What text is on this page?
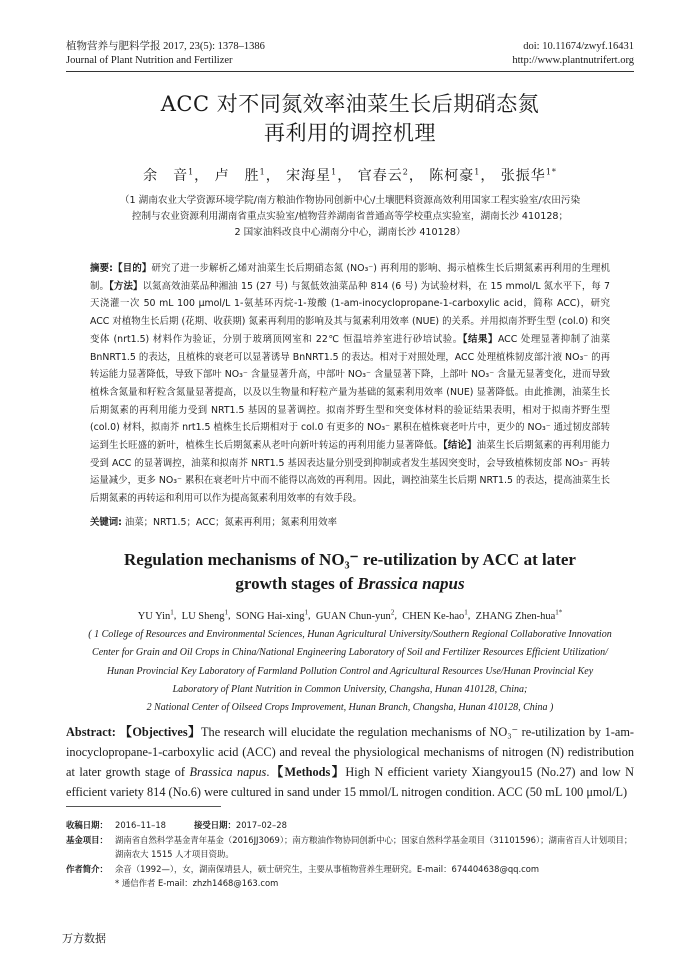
植物营养与肥料学报 2017, 23(5): 1378–1386	doi: 10.11674/zwyf.16431
Journal of Plant Nutrition and Fertilizer	http://www.plantnutrifert.org
ACC 对不同氮效率油菜生长后期硝态氮
再利用的调控机理
余　音$^1$， 卢　胜$^1$， 宋海星$^1$， 官春云$^2$， 陈柯豪$^1$， 张振华$^{1*}$
（1 湖南农业大学资源环境学院/南方粮油作物协同创新中心/土壤肥料资源高效利用国家工程实验室/农田污染
控制与农业资源利用湖南省重点实验室/植物营养湖南省普通高等学校重点实验室，湖南长沙 410128；
2 国家油料改良中心湖南分中心，湖南长沙 410128）
摘要:【目的】研究了进一步解析乙烯对油菜生长后期硝态氮 (NO₃⁻) 再利用的影响、揭示植株生长后期氮素再利用的生理机制。【方法】以氮高效油菜品种湘油 15 (27 号) 与氮低效油菜品种 814 (6 号) 为试验材料，在 15 mmol/L 氮水平下，每 7 天浇灌一次 50 mL 100 μmol/L 1-氨基环丙烷-1-羧酸 (1-am-inocyclopropane-1-carboxylic acid，简称 ACC)，研究 ACC 对植物生长后期 (花期、收获期) 氮素再利用的影响及其与氮素利用效率 (NUE) 的关系。并用拟南芥野生型 (col.0) 和突变体 (nrt1.5) 材料作为验证，分别于玻璃顶网室和 22℃ 恒温培养室进行砂培试验。【结果】ACC 处理显著抑制了油菜 BnNRT1.5 的表达，且植株的衰老可以显著诱导 BnNRT1.5 的表达。相对于对照处理，ACC 处理植株韧皮部汁液 NO₃⁻ 的再转运能力显著降低，导致下部叶 NO₃⁻ 含量显著升高，中部叶 NO₃⁻ 含量显著下降，上部叶 NO₃⁻ 含量无显著变化，进而导致植株含氮量和籽粒含氮量显著提高，以及以生物量和籽粒产量为基础的氮素利用效率 (NUE) 显著降低。由此推测，油菜生长后期氮素的再利用能力受到 NRT1.5 基因的显著调控。拟南芥野生型和突变体材料的验证结果表明，相对于拟南芥野生型 (col.0) 材料，拟南芥 nrt1.5 植株生长后期相对于 col.0 有更多的 NO₃⁻ 累积在植株衰老叶片中，更少的 NO₃⁻ 通过韧皮部转运到生长旺盛的新叶，植株生长后期氮素从老叶向新叶转运的再利用能力显著降低。【结论】油菜生长后期氮素的再利用能力受到 ACC 的显著调控，油菜和拟南芥 NRT1.5 基因表达量分别受到抑制或者发生基因突变时，会导致植株韧皮部 NO₃⁻ 再转运量减少，更多 NO₃⁻ 累积在衰老叶片中而不能得以高效的再利用。因此，调控油菜生长后期 NRT1.5 的表达，提高油菜生长后期氮素的再转运和利用可以作为提高氮素利用效率的有效手段。
关键词: 油菜；NRT1.5；ACC；氮素再利用；氮素利用效率
Regulation mechanisms of NO₃⁻ re-utilization by ACC at later
growth stages of Brassica napus
YU Yin$^1$,  LU Sheng$^1$,  SONG Hai-xing$^1$,  GUAN Chun-yun$^2$,  CHEN Ke-hao$^1$,  ZHANG Zhen-hua$^{1*}$
( 1 College of Resources and Environmental Sciences, Hunan Agricultural University/Southern Regional Collaborative Innovation
Center for Grain and Oil Crops in China/National Engineering Laboratory of Soil and Fertilizer Resources Efficient Utilization/
Hunan Provincial Key Laboratory of Farmland Pollution Control and Agricultural Resources Use/Hunan Provincial Key
Laboratory of Plant Nutrition in Common University, Changsha, Hunan 410128, China;
2 National Center of Oilseed Crops Improvement, Hunan Branch, Changsha, Hunan 410128, China )
Abstract: 【Objectives】The research will elucidate the regulation mechanisms of NO₃⁻ re-utilization by 1-am-inocyclopropane-1-carboxylic acid (ACC) and reveal the physiological mechanisms of nitrogen (N) redistribution at later growth stage of Brassica napus.【Methods】High N efficient variety Xiangyou15 (No.27) and low N efficient variety 814 (No.6) were cultured in sand under 15 mmol/L nitrogen condition. ACC (50 mL 100 μmol/L)
收稿日期： 2016–11–18	接受日期：2017–02–28
基金项目： 湖南省自然科学基金青年基金（2016JJ3069）；南方粮油作物协同创新中心；国家自然科学基金项目（31101596）；湖南省百人计划项目；湖南农大 1515 人才项目资助。
作者简介： 余音（1992—），女，湖南保靖县人，硕士研究生，主要从事植物营养生理研究。E-mail：674404638@qq.com
* 通信作者 E-mail：zhzh1468@163.com
万方数据
